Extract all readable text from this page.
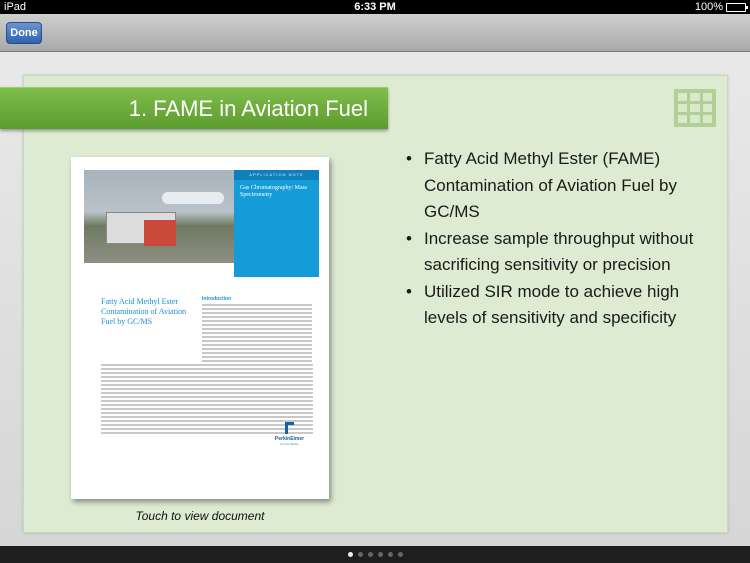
iPad	6:33 PM	100%
Done
1. FAME in Aviation Fuel
APPLICATION NOTE
Gas Chromatography/ Mass Spectrometry
Fatty Acid Methyl Ester Contamination of Aviation Fuel by GC/MS
Introduction
PerkinElmer
For the Better
Touch to view document
• Fatty Acid Methyl Ester (FAME) Contamination of Aviation Fuel by GC/MS
• Increase sample throughput without sacrificing sensitivity or precision
• Utilized SIR mode to achieve high levels of sensitivity and specificity
